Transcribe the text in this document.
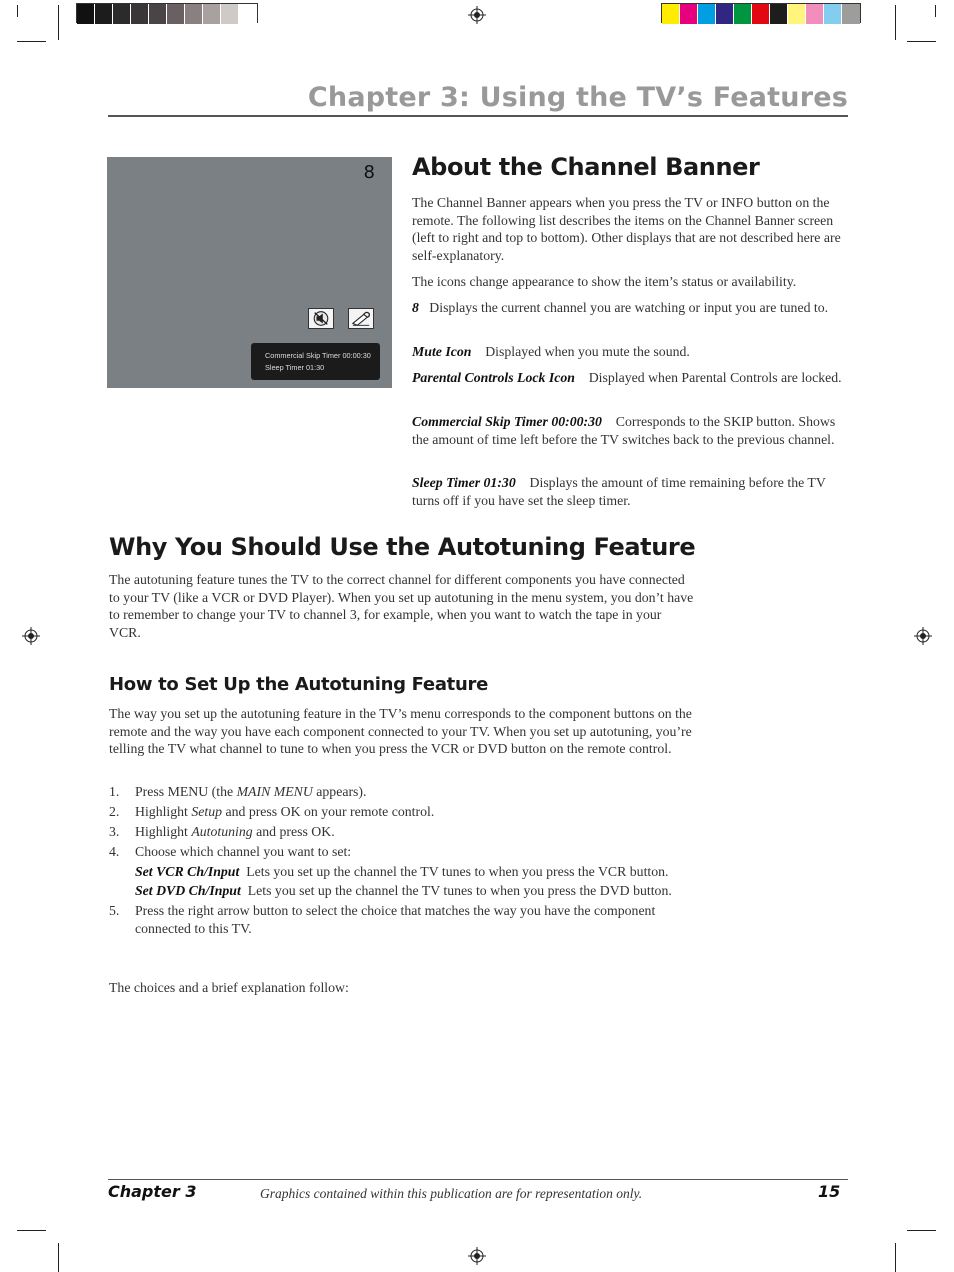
Chapter 3: Using the TV’s Features
8
Commercial Skip Timer 00:00:30
Sleep Timer 01:30
About the Channel Banner
The Channel Banner appears when you press the TV or INFO button on the remote. The following list describes the items on the Channel Banner screen (left to right and top to bottom). Other displays that are not described here are self-explanatory.
The icons change appearance to show the item’s status or availability.
8 Displays the current channel you are watching or input you are tuned to.
Mute Icon Displayed when you mute the sound.
Parental Controls Lock Icon Displayed when Parental Controls are locked.
Commercial Skip Timer 00:00:30 Corresponds to the SKIP button. Shows the amount of time left before the TV switches back to the previous channel.
Sleep Timer 01:30 Displays the amount of time remaining before the TV turns off if you have set the sleep timer.
Why You Should Use the Autotuning Feature
The autotuning feature tunes the TV to the correct channel for different components you have connected to your TV (like a VCR or DVD Player). When you set up autotuning in the menu system, you don’t have to remember to change your TV to channel 3, for example, when you want to watch the tape in your VCR.
How to Set Up the Autotuning Feature
The way you set up the autotuning feature in the TV’s menu corresponds to the component buttons on the remote and the way you have each component connected to your TV. When you set up autotuning, you’re telling the TV what channel to tune to when you press the VCR or DVD button on the remote control.
1. Press MENU (the MAIN MENU appears).
2. Highlight Setup and press OK on your remote control.
3. Highlight Autotuning and press OK.
4. Choose which channel you want to set:
Set VCR Ch/Input Lets you set up the channel the TV tunes to when you press the VCR button.
Set DVD Ch/Input Lets you set up the channel the TV tunes to when you press the DVD button.
5. Press the right arrow button to select the choice that matches the way you have the component connected to this TV.
The choices and a brief explanation follow:
Chapter 3	Graphics contained within this publication are for representation only.	15
